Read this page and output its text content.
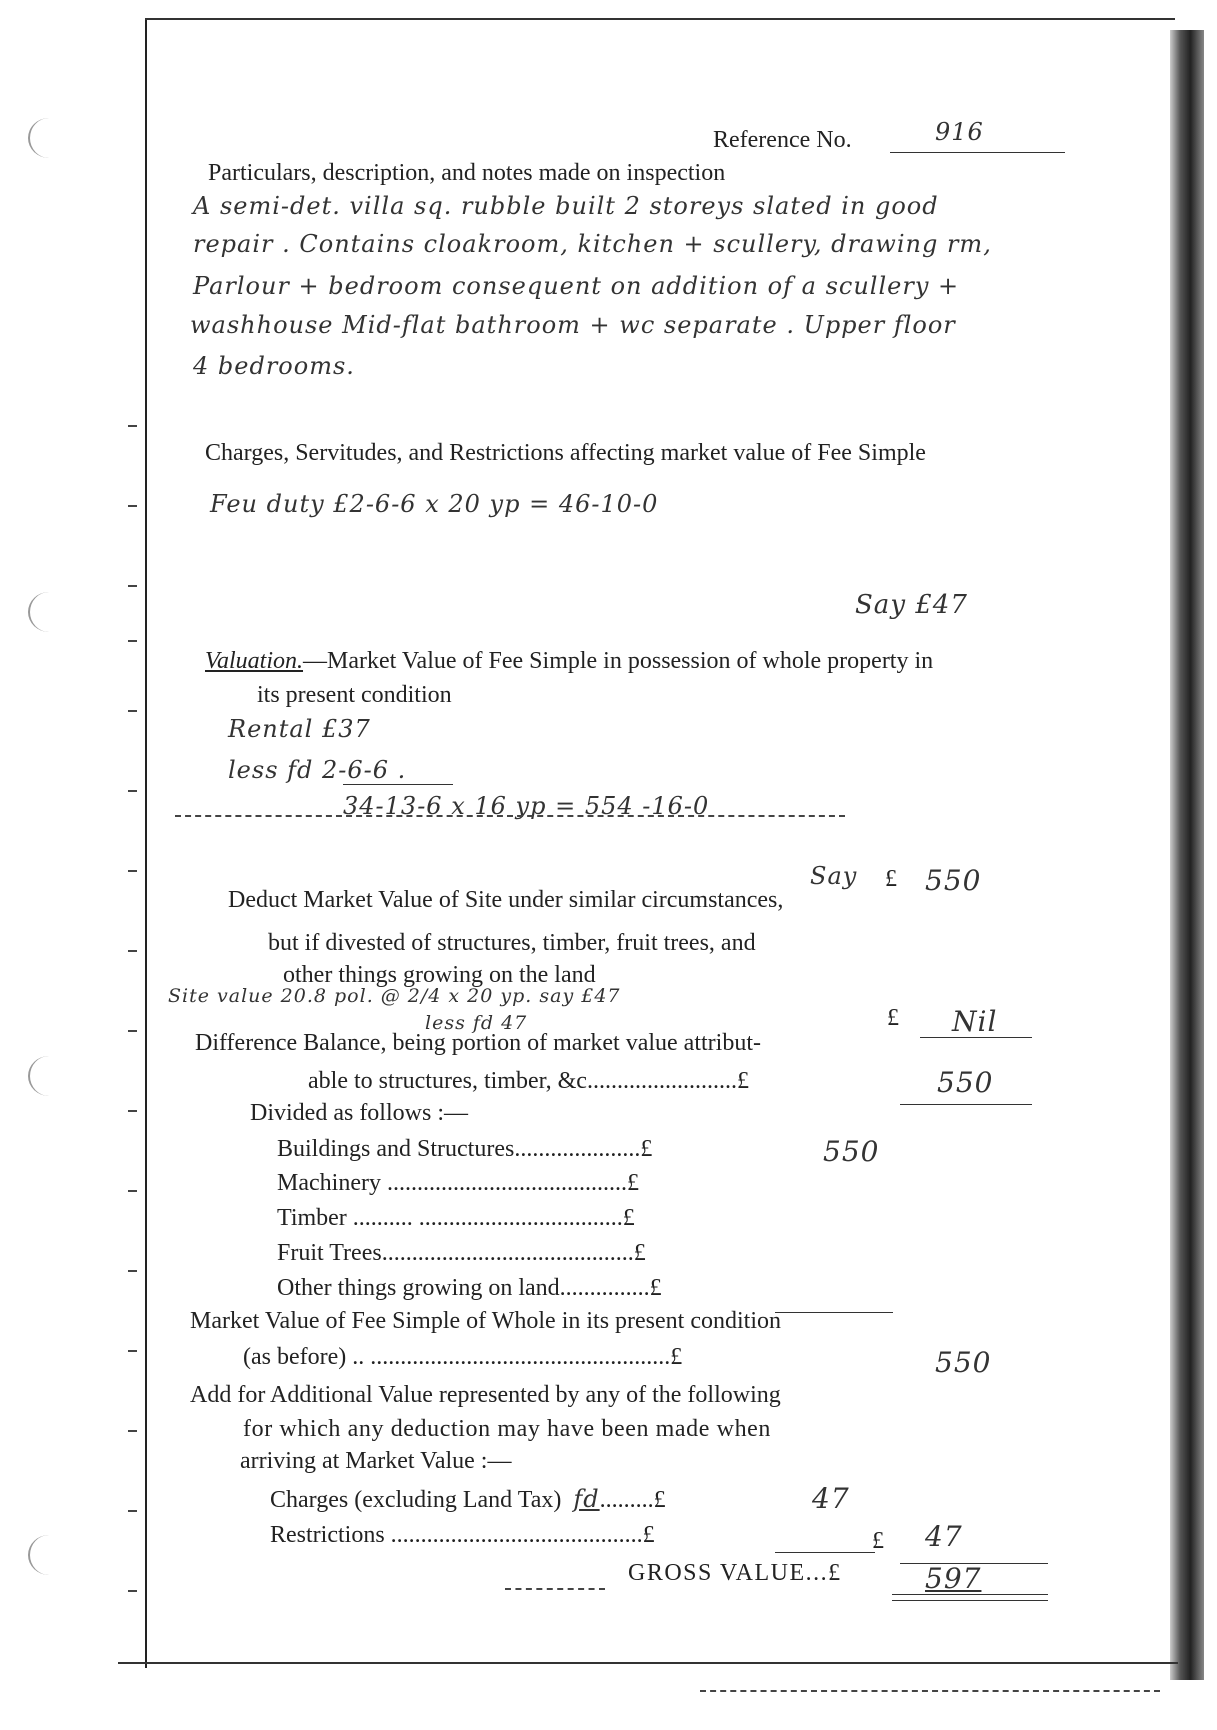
Reference No.	916
Particulars, description, and notes made on inspection
A semi-det. villa sq. rubble built 2 storeys slated in good
repair . Contains cloakroom, kitchen + scullery, drawing rm,
Parlour + bedroom consequent on addition of a scullery +
washhouse Mid-flat bathroom + wc separate . Upper floor
4 bedrooms.
Charges, Servitudes, and Restrictions affecting market value of Fee Simple
Feu duty £2-6-6 x 20 yp = 46-10-0
Say £47
Valuation.—Market Value of Fee Simple in possession of whole property in
its present condition
Rental £37
less fd 2-6-6 .
34-13-6 x 16 yp = 554 -16-0
Say £ 550
Deduct Market Value of Site under similar circumstances,
but if divested of structures, timber, fruit trees, and
other things growing on the land
Site value 20.8 pol. @ 2/4 x 20 yp. say £47
less fd 47	£ Nil
Difference Balance, being portion of market value attribut-
able to structures, timber, &c.........................£	550
Divided as follows :—
Buildings and Structures.....................£	550
Machinery ........................................£
Timber .......... ..................................£
Fruit Trees..........................................£
Other things growing on land...............£
Market Value of Fee Simple of Whole in its present condition
(as before) .. ..................................................£	550
Add for Additional Value represented by any of the following
for which any deduction may have been made when
arriving at Market Value :—
Charges (excluding Land Tax) fd.........£	47
Restrictions ..........................................£	£ 47
GROSS VALUE...£	597
